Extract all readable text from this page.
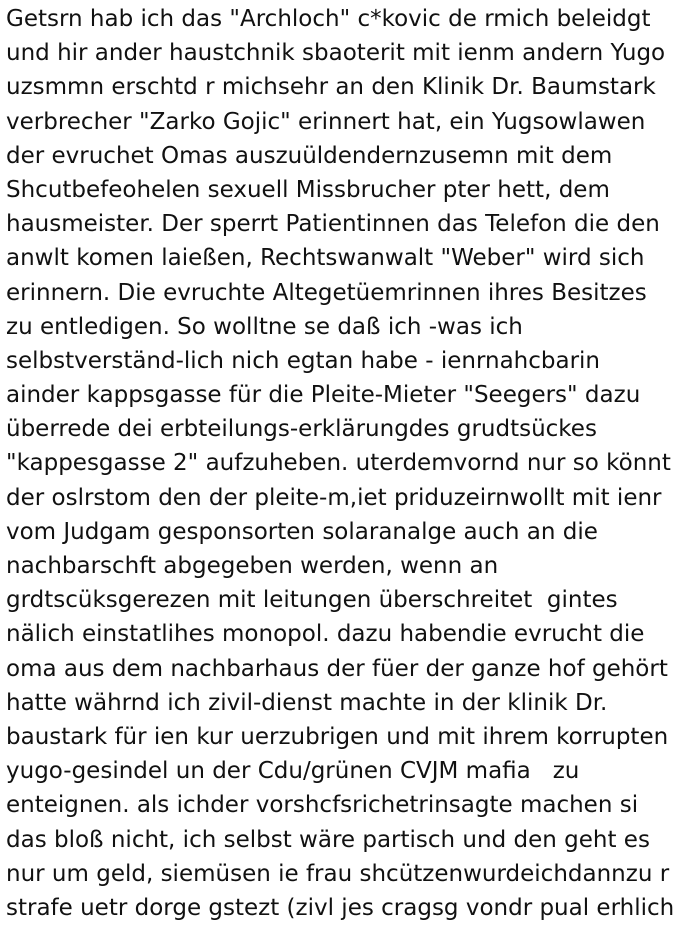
Getsrn hab ich das "Archloch" c*kovic de rmich beleidgt
und hir ander haustchnik sbaoterit mit ienm andern Yugo
uzsmmn erschtd r michsehr an den Klinik Dr. Baumstark
verbrecher "Zarko Gojic" erinnert hat, ein Yugsowlawen
der evruchet Omas auszuüldendernzusemn mit dem
Shcutbefeohelen sexuell Missbrucher pter hett, dem
hausmeister. Der sperrt Patientinnen das Telefon die den
anwlt komen laießen, Rechtswanwalt "Weber" wird sich
erinnern. Die evruchte Altegetüemrinnen ihres Besitzes
zu entledigen. So wolltne se daß ich -was ich
selbstverständ-lich nich egtan habe - ienrnahcbarin
ainder kappsgasse für die Pleite-Mieter "Seegers" dazu
überrede dei erbteilungs-erklärungdes grudtsückes
"kappesgasse 2" aufzuheben. uterdemvornd nur so könnt
der oslrstom den der pleite-m,iet priduzeirnwollt mit ienr
vom Judgam gesponsorten solaranalge auch an die
nachbarschft abgegeben werden, wenn an
grdtscüksgerezen mit leitungen überschreitet  gintes
nälich einstatlihes monopol. dazu habendie evrucht die
oma aus dem nachbarhaus der füer der ganze hof gehört
hatte währnd ich zivil-dienst machte in der klinik Dr.
baustark für ien kur uerzubrigen und mit ihrem korrupten
yugo-gesindel un der Cdu/grünen CVJM mafia   zu
enteignen. als ichder vorshcfsrichetrinsagte machen si
das bloß nicht, ich selbst wäre partisch und den geht es
nur um geld, siemüsen ie frau shcützenwurdeichdannzu r
strafe uetr dorge gstezt (zivl jes cragsg vondr pual erhlich
